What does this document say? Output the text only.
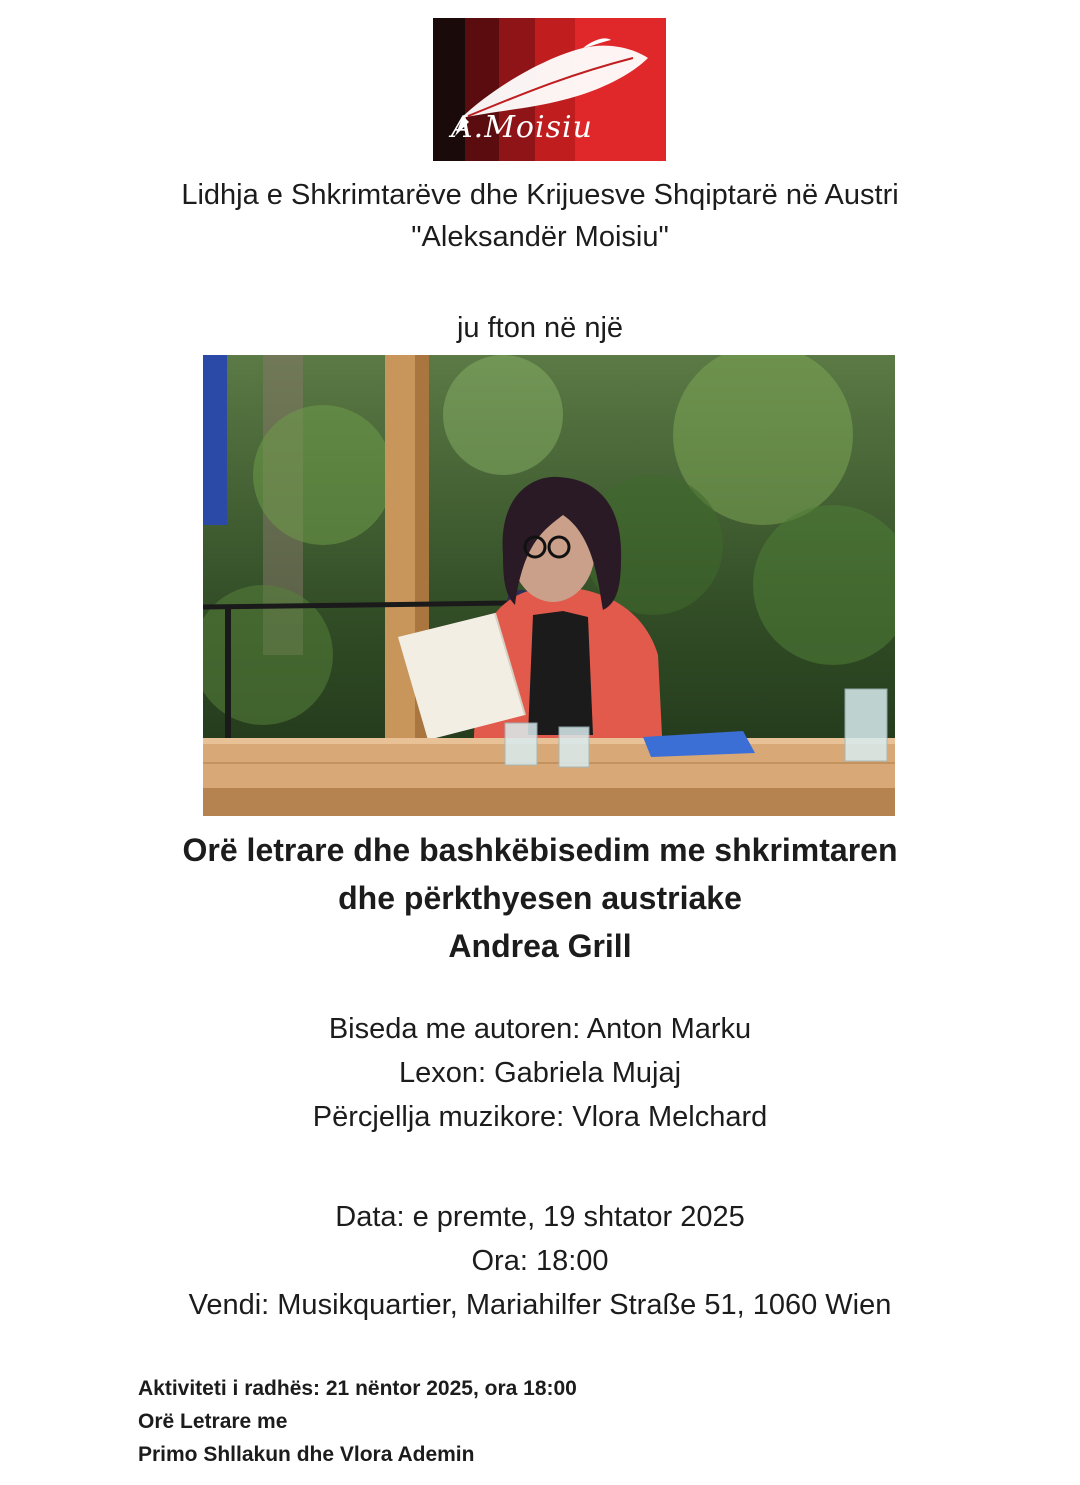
A.Moisiu
Lidhja e Shkrimtarëve dhe Krijuesve Shqiptarë në Austri
"Aleksandër Moisiu"
ju fton në një
Orë letrare dhe bashkëbisedim me shkrimtaren
dhe përkthyesen austriake
Andrea Grill
Biseda me autoren: Anton Marku
Lexon: Gabriela Mujaj
Përcjellja muzikore: Vlora Melchard
Data: e premte, 19 shtator 2025
Ora: 18:00
Vendi: Musikquartier, Mariahilfer Straße 51, 1060 Wien
Aktiviteti i radhës: 21 nëntor 2025, ora 18:00
Orë Letrare me
Primo Shllakun dhe Vlora Ademin
